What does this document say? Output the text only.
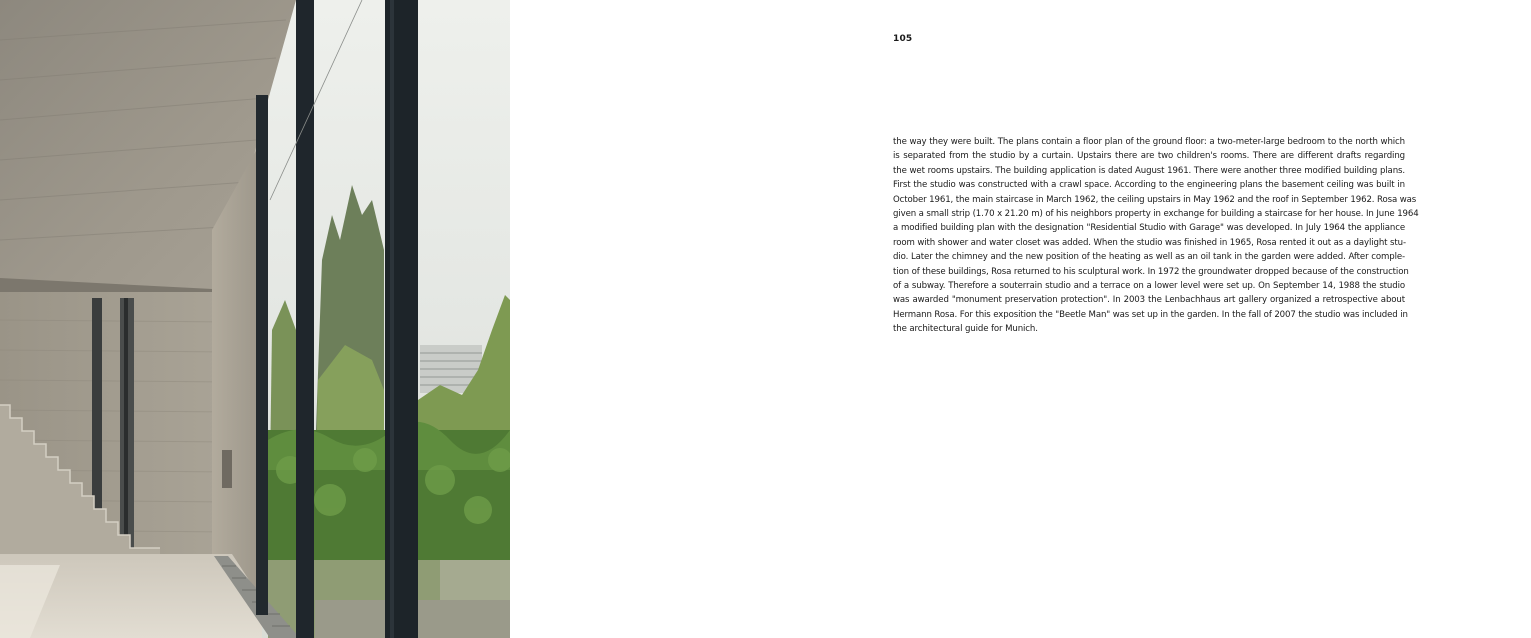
105
the way they were built. The plans contain a floor plan of the ground floor: a two-meter-large bedroom to the north which
is separated from the studio by a curtain. Upstairs there are two children's rooms. There are different drafts regarding
the wet rooms upstairs. The building application is dated August 1961. There were another three modified building plans.
First the studio was constructed with a crawl space. According to the engineering plans the basement ceiling was built in
October 1961, the main staircase in March 1962, the ceiling upstairs in May 1962 and the roof in September 1962. Rosa was
given a small strip (1.70 x 21.20 m) of his neighbors property in exchange for building a staircase for her house. In June 1964
a modified building plan with the designation "Residential Studio with Garage" was developed. In July 1964 the appliance
room with shower and water closet was added. When the studio was finished in 1965, Rosa rented it out as a daylight stu-
dio. Later the chimney and the new position of the heating as well as an oil tank in the garden were added. After comple-
tion of these buildings, Rosa returned to his sculptural work. In 1972 the groundwater dropped because of the construction
of a subway. Therefore a souterrain studio and a terrace on a lower level were set up. On September 14, 1988 the studio
was awarded "monument preservation protection". In 2003 the Lenbachhaus art gallery organized a retrospective about
Hermann Rosa. For this exposition the "Beetle Man" was set up in the garden. In the fall of 2007 the studio was included in
the architectural guide for Munich.
